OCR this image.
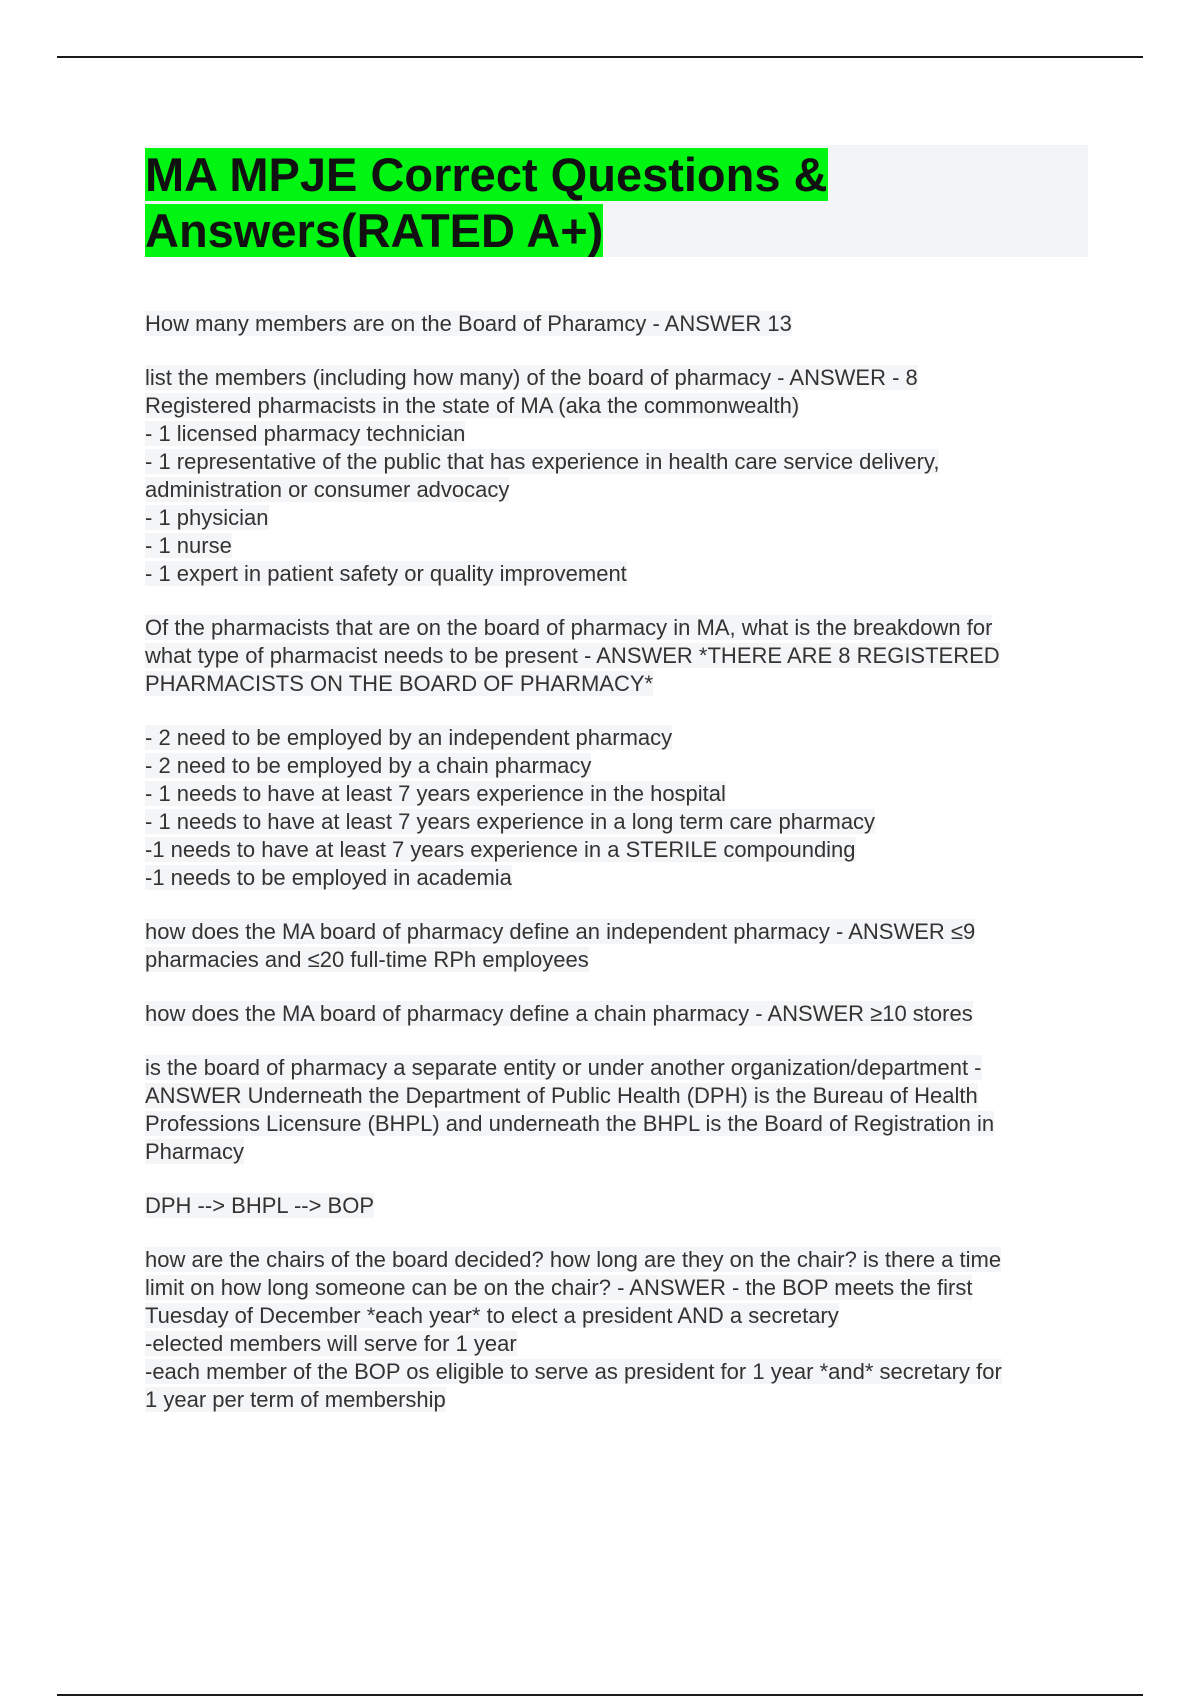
MA MPJE Correct Questions &
Answers(RATED A+)
How many members are on the Board of Pharamcy - ANSWER 13
list the members (including how many) of the board of pharmacy - ANSWER - 8
Registered pharmacists in the state of MA (aka the commonwealth)
- 1 licensed pharmacy technician
- 1 representative of the public that has experience in health care service delivery,
administration or consumer advocacy
- 1 physician
- 1 nurse
- 1 expert in patient safety or quality improvement
Of the pharmacists that are on the board of pharmacy in MA, what is the breakdown for
what type of pharmacist needs to be present - ANSWER *THERE ARE 8 REGISTERED
PHARMACISTS ON THE BOARD OF PHARMACY*
- 2 need to be employed by an independent pharmacy
- 2 need to be employed by a chain pharmacy
- 1 needs to have at least 7 years experience in the hospital
- 1 needs to have at least 7 years experience in a long term care pharmacy
-1 needs to have at least 7 years experience in a STERILE compounding
-1 needs to be employed in academia
how does the MA board of pharmacy define an independent pharmacy - ANSWER ≤9
pharmacies and ≤20 full-time RPh employees
how does the MA board of pharmacy define a chain pharmacy - ANSWER ≥10 stores
is the board of pharmacy a separate entity or under another organization/department -
ANSWER Underneath the Department of Public Health (DPH) is the Bureau of Health
Professions Licensure (BHPL) and underneath the BHPL is the Board of Registration in
Pharmacy
DPH --> BHPL --> BOP
how are the chairs of the board decided? how long are they on the chair? is there a time
limit on how long someone can be on the chair? - ANSWER - the BOP meets the first
Tuesday of December *each year* to elect a president AND a secretary
-elected members will serve for 1 year
-each member of the BOP os eligible to serve as president for 1 year *and* secretary for
1 year per term of membership
